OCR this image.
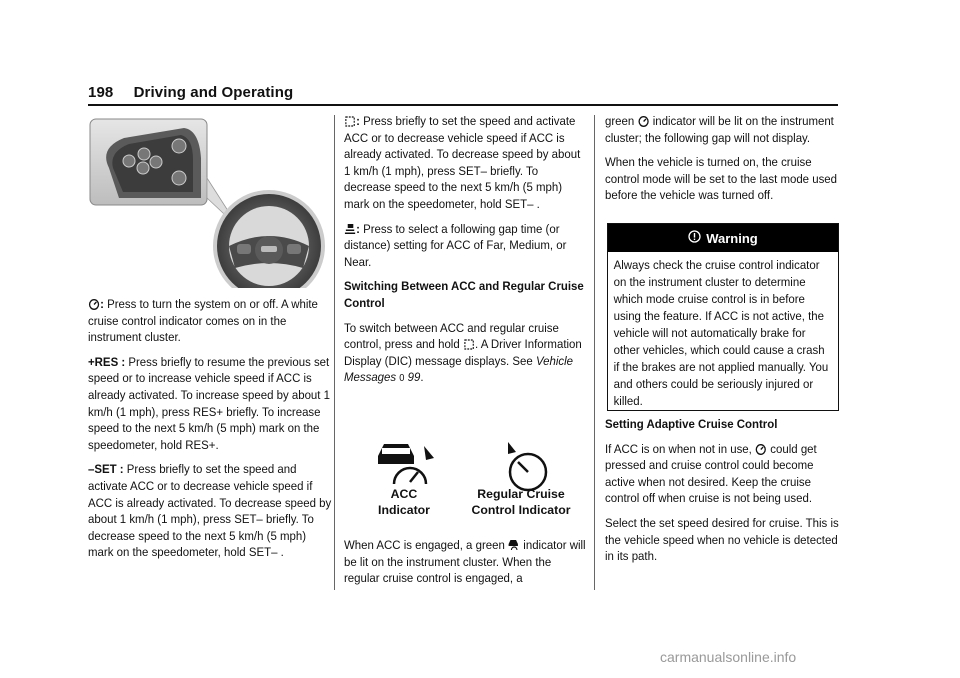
198 Driving and Operating

: Press to turn the system on or off. A white cruise control indicator comes on in the instrument cluster.

+RES : Press briefly to resume the previous set speed or to increase vehicle speed if ACC is already activated. To increase speed by about 1 km/h (1 mph), press RES+ briefly. To increase speed to the next 5 km/h (5 mph) mark on the speedometer, hold RES+.

–SET : Press briefly to set the speed and activate ACC or to decrease vehicle speed if ACC is already activated. To decrease speed by about 1 km/h (1 mph), press SET– briefly. To decrease speed to the next 5 km/h (5 mph) mark on the speedometer, hold SET– .

: Press briefly to set the speed and activate ACC or to decrease vehicle speed if ACC is already activated. To decrease speed by about 1 km/h (1 mph), press SET– briefly. To decrease speed to the next 5 km/h (5 mph) mark on the speedometer, hold SET– .

: Press to select a following gap time (or distance) setting for ACC of Far, Medium, or Near.

Switching Between ACC and Regular Cruise Control

To switch between ACC and regular cruise control, press and hold . A Driver Information Display (DIC) message displays. See Vehicle Messages 0 99.

ACC Indicator
Regular Cruise Control Indicator

When ACC is engaged, a green indicator will be lit on the instrument cluster. When the regular cruise control is engaged, a

green indicator will be lit on the instrument cluster; the following gap will not display.

When the vehicle is turned on, the cruise control mode will be set to the last mode used before the vehicle was turned off.

Warning
Always check the cruise control indicator on the instrument cluster to determine which mode cruise control is in before using the feature. If ACC is not active, the vehicle will not automatically brake for other vehicles, which could cause a crash if the brakes are not applied manually. You and others could be seriously injured or killed.

Setting Adaptive Cruise Control

If ACC is on when not in use, could get pressed and cruise control could become active when not desired. Keep the cruise control off when cruise is not being used.

Select the set speed desired for cruise. This is the vehicle speed when no vehicle is detected in its path.

carmanualsonline.info
